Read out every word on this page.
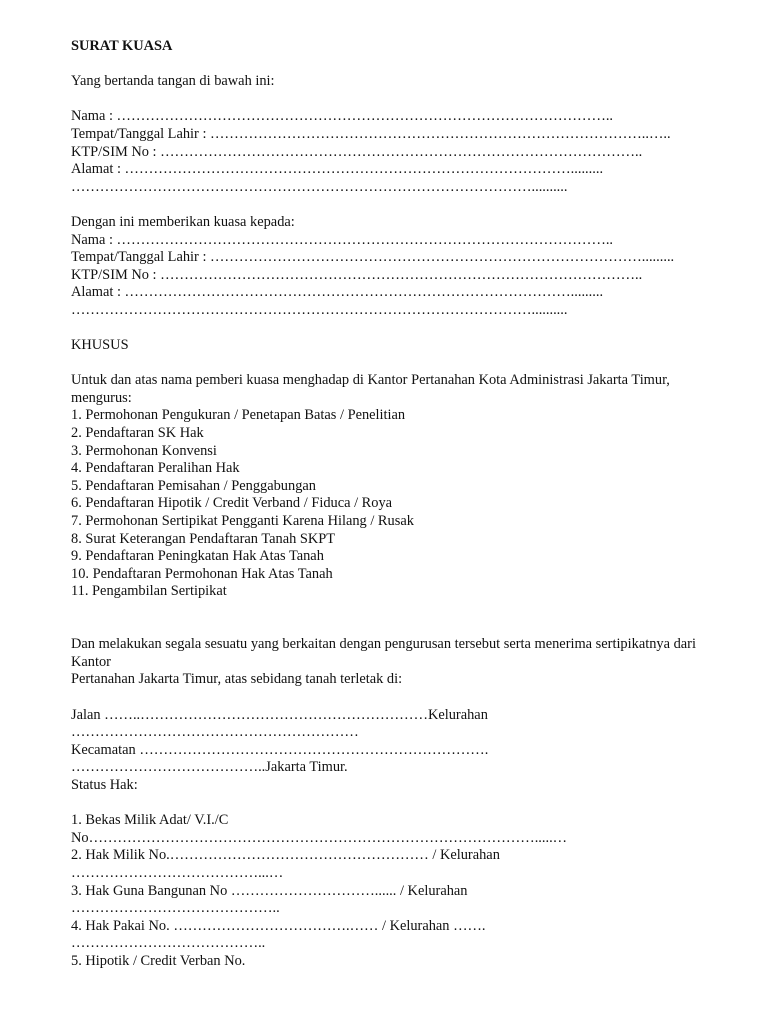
SURAT KUASA
Yang bertanda tangan di bawah ini:
Nama : …………………………………………………………………………………………..
Tempat/Tanggal Lahir : ………………………………………………………………………………..…..
KTP/SIM No : ………………………………………………………………………………………..
Alamat : ………………………………………………………………………………….........
……………………………………………………………………………………..........
Dengan ini memberikan kuasa kepada:
Nama : …………………………………………………………………………………………..
Tempat/Tanggal Lahir : ……………………………………………………………………………….........
KTP/SIM No : ………………………………………………………………………………………..
Alamat : ………………………………………………………………………………….........
……………………………………………………………………………………..........
KHUSUS
Untuk dan atas nama pemberi kuasa menghadap di Kantor Pertanahan Kota Administrasi Jakarta Timur,
mengurus:
1. Permohonan Pengukuran / Penetapan Batas / Penelitian
2. Pendaftaran SK Hak
3. Permohonan Konvensi
4. Pendaftaran Peralihan Hak
5. Pendaftaran Pemisahan / Penggabungan
6. Pendaftaran Hipotik / Credit Verband / Fiduca / Roya
7. Permohonan Sertipikat Pengganti Karena Hilang / Rusak
8. Surat Keterangan Pendaftaran Tanah SKPT
9. Pendaftaran Peningkatan Hak Atas Tanah
10. Pendaftaran Permohonan Hak Atas Tanah
11. Pengambilan Sertipikat
Dan melakukan segala sesuatu yang berkaitan dengan pengurusan tersebut serta menerima sertipikatnya dari
Kantor
Pertanahan Jakarta Timur, atas sebidang tanah terletak di:
Jalan ……..……………………………………………………Kelurahan
……………………………………………………
Kecamatan ……………………………………………………………….
…………………………………..Jakarta Timur.
Status Hak:
1. Bekas Milik Adat/ V.I./C
No………………………………………………………………………………….....…
2. Hak Milik No.……………………………………………… / Kelurahan
…………………………………...…
3. Hak Guna Bangunan No …………………………...... / Kelurahan
……………………………………..
4. Hak Pakai No. ……………………………….…… / Kelurahan …….
…………………………………..
5. Hipotik / Credit Verban No.
